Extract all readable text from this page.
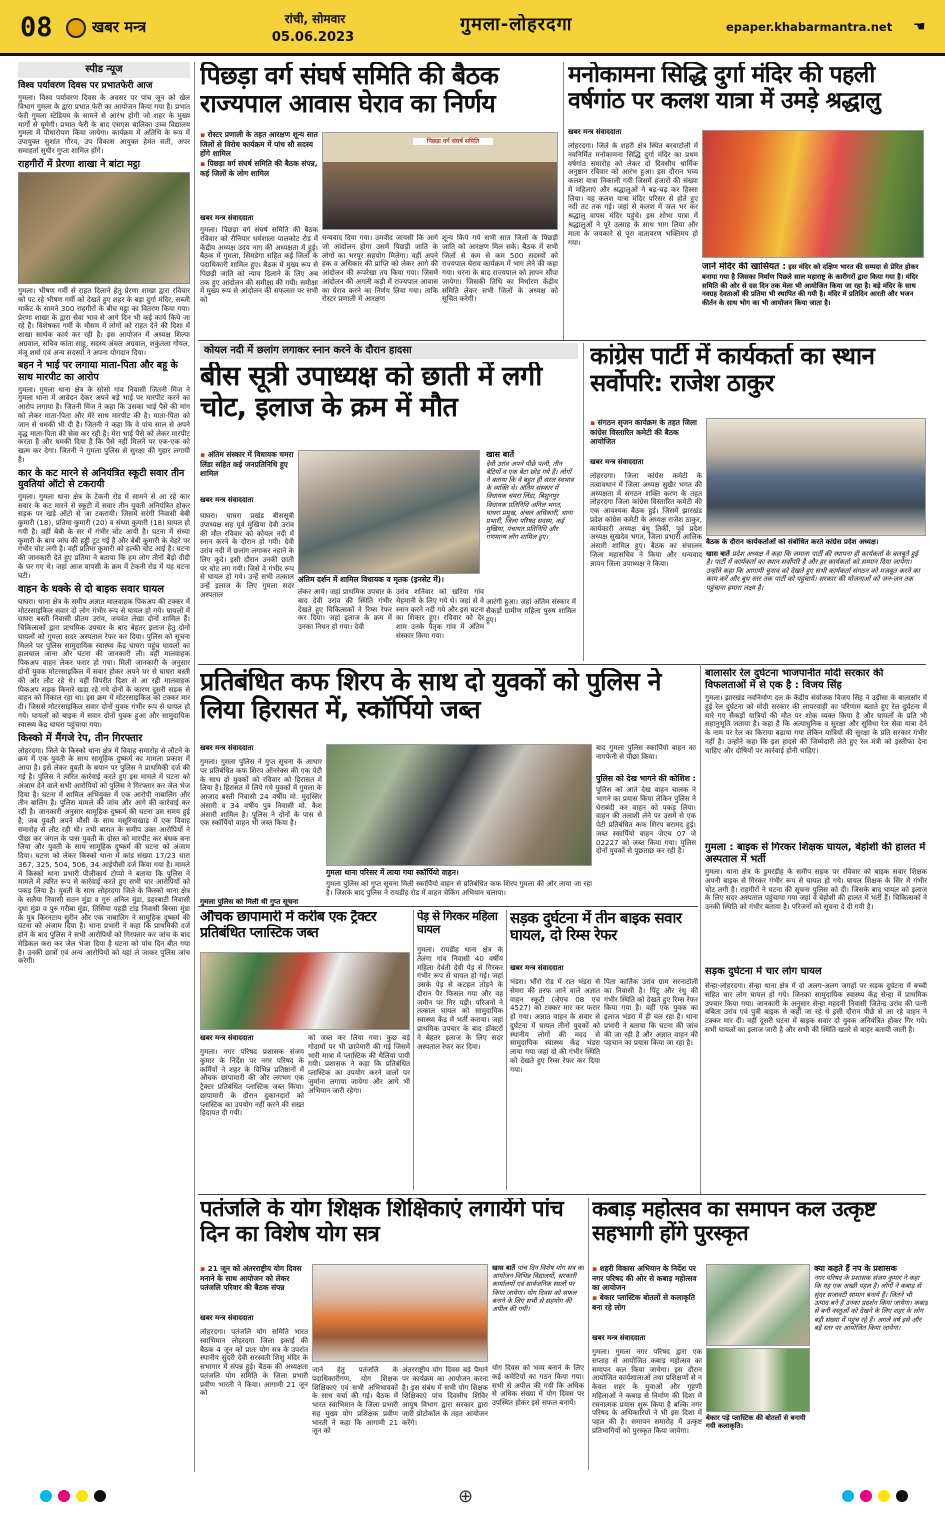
08	खबर मन्त्र	रांची, सोमवार
05.06.2023
गुमला-लोहरदगा	epaper.khabarmantra.net ☚
स्पीड न्यूज
विश्व पर्यावरण दिवस पर प्रभातफेरी आज
गुमला। विश्व पर्यावरण दिवस के अवसर पर पांच जून को खेल विभाग गुमला के द्वारा प्रभात फेरी का आयोजन किया गया है। प्रभात फेरी गुमला स्टेडियम के सामने से आरंभ होगी जो शहर के मुख्य मार्गों से घूमेगी। प्रभात फेरी के बाद एसएस बालिका उच्च विद्यालय गुमला में पौधारोपण किया जायेगा। कार्यक्रम में अतिथि के रूप में उपायुक्त सुशांत गौरव, उप विकास आयुक्त हेमंत सती, अपर समाहर्ता सुधीर गुप्ता शामिल होंगे।
राहगीरों में प्रेरणा शाखा ने बांटा मट्ठा
गुमला। भीषण गर्मी से राहत दिलाने हेतु प्रेरणा शाखा द्वारा रविवार को पट रहे भीषण गर्मी को देखते हुए शहर के बड़ा दुर्गा मंदिर, सब्जी मार्केट के सामने 300 राहगीरों के बीच मट्ठा का वितरण किया गया। प्रेरणा शाखा के द्वारा सेवा भाव से आगे दिन भी कई कार्य किये जा रहे हैं। विशेषकर गर्मी के मौसम में लोगों को राहत देने की दिशा में शाखा सार्थक कार्य कर रही है। इस आयोजन में अध्यक्ष शिल्पा अग्रवाल, सचिव कांता साहू, सदस्य अंचल अग्रवाल, शकुंतला गोयल, मंजू शर्मा एवं अन्य सदस्यों ने अपना योगदान दिया।
बहन ने भाई पर लगाया माता-पिता और बहू के साथ मारपीट का आरोप
गुमला। गुमला थाना क्षेत्र के सोसो गांव निवासी जितनी मिंज ने गुमला थाना में आवेदन देकर अपने बड़े भाई पर मारपीट करने का आरोप लगाया है। जितनी मिंज ने कहा कि उसका भाई पैसे की मांग को लेकर माता-पिता और मेरे साथ मारपीट की है। माता-पिता को जान से धमकी भी दी है। जितनी ने कहा कि वे पांच साल से अपने वृद्ध माता-पिता की सेवा कर रही है। मेरा भाई पैसे को लेकर मारपीट करता है और धमकी दिया है कि पैसे नहीं मिलने पर एक-एक को खत्म कर देगा। जितनी ने गुमला पुलिस से सुरक्षा की गुहार लगायी है।
कार के कट मारने से अनियंत्रित स्कूटी सवार तीन युवतियां ऑटो से टकरायी
गुमला। गुमला थाना क्षेत्र के टेकनी रोड में सामने से आ रहे कार सवार के कट मारने से स्कूटी में सवार तीन युवती अनियंत्रित होकर सड़क पर खड़े ऑटो से जा टकरायी। जिसमें सरंगी निवासी बेबी कुमारी (18), प्रतिमा कुमारी (20) व संध्या कुमारी (18) घायल हो गयी है। वहीं बेबी के सर में गंभीर चोट आयी है। घटना में संध्या कुमारी के बाय जांघ की हड्डी टूट गई है और बेबी कुमारी के चेहरे पर गंभीर चोट लगी है। वहीं प्रतिमा कुमारी को हल्की चोट आई है। घटना की जानकारी देते हुए प्रतिमा ने बताया कि हम लोग तीनों बैड़ो दीदी के घर गए थे। जहां आज वापसी के क्रम में टेकनी रोड में यह घटना घटी।
वाहन के धक्के से दो बाइक सवार घायल
घाघरा। थाना क्षेत्र के समीप अज्ञात मालवाहक पिकअप की टक्कर में मोटरसाइकिल सवार दो लोग गंभीर रूप से घायल हो गये। घायलों में घाघरा बस्ती निवासी प्रीतम उरांव, जयवंत लेखा दोनों शामिल हैं। चिकित्सकों द्वारा प्राथमिक उपचार के बाद बेहतर इलाज हेतु दोनों घायलों को गुमला सदर अस्पताल रेफर कर दिया। पुलिस को सूचना मिलने पर पुलिस सामुदायिक स्वास्थ्य केंद्र घाघरा पहुंच घायलों का हालचाल जाना और घटना की जानकारी ली। वहीं मालवाहक पिकअप वाहन लेकर फरार हो गया। मिली जानकारी के अनुसार दोनों युवक मोटरसाइकिल में सवार होकर अपने घर से घाघरा बस्ती की ओर लौट रहे थे। वहीं विपरीत दिशा से आ रही मालवाहक पिकअप सड़क किनारे खड़ा रहे गये दोनों के कारण दूसरी सड़क से वाहन को निकाल रहा था। इस क्रम में मोटरसाइकिल को टक्कर मार दी। जिससे मोटरसाइकिल सवार दोनों युवक गंभीर रूप से घायल हो गये। घायलों को बाइक में सवार दोनों युवक हुआ और सामुदायिक स्वास्थ्य केंद्र घाघरा पहुंचाया गया।
किस्को में मैंगजे रेप, तीन गिरफ्तार
लोहरदगा। जिले के किस्को थाना क्षेत्र में विवाह समारोह से लौटने के क्रम में एक युवती के साथ सामूहिक दुष्कर्म का मामला प्रकाश में आया है। इसे लेकर युवती के बयान पर पुलिस ने प्राथमिकी दर्ज की गई है। पुलिस ने त्वरित कार्रवाई करते हुए इस मामले में घटना को अंजाम देने वाले सभी आरोपियों को पुलिस ने गिरफ्तार कर जेल भेज दिया है। घटना में शामिल अभियुक्त में एक आरोपी नाबालिग और तीन बालिग है। पुलिस मामले की जांच और आगे की कार्रवाई कर रही है। जानकारी अनुसार सामूहिक दुष्कर्म की घटना उस समय हुई है, जब युवती अपने मौसी के साथ मसूरियाखाड़ में एक विवाह समारोह से लौट रही थी। तभी बारात के समीप उक्त आरोपियों ने पीछा कर जंगल के पास युवती के दोस्त को मारपीट कर बंधक बना लिया और युवती के साथ सामूहिक दुष्कर्म की घटना को अंजाम दिया। घटना को लेकर किस्को थाना में कांड संख्या 17/23 धारा 367, 325, 504, 506, 34 आईपीसी दर्ज किया गया है। मामले में किस्को थाना प्रभारी पीलीकार्य टोप्पो ने बताया कि पुलिस ने मामले में त्वरित रूप से कार्रवाई करते हुए सभी चार आरोपियों को पकड़ लिया है। युवती के साथ लोहरदगा जिले के किस्को थाना क्षेत्र के सलैया निवासी सतन मुंडा व गुरु अनिल मुंडा, डहरबाटी निवासी दुधा मुंडा व पुरु गरीबा मुंडा, तिसिया पहड़ी टांड़ निवासी बिरसा मुंडा के पुत्र किरनटाय सुरीन और एक नाबालिग ने सामूहिक दुष्कर्म की घटना को अंजाम दिया है। थाना प्रभारी ने कहा कि प्राथमिकी दर्ज होने के बाद पुलिस ने सभी आरोपियों को गिरफ्तार कर जांच के बाद मेडिकल करा कर जेल भेजा दिया है घटना को पांच दिन बीत गया है। उनकी छात्रों एवं अन्य आरोपियों को यहां ले जाकर पुलिस जांच करेगी।
पिछड़ा वर्ग संघर्ष समिति की बैठक राज्यपाल आवास घेराव का निर्णय
▪ रोस्टर प्रणाली के तहत आरक्षण शून्य सात जिलों से विरोध कार्यक्रम में पांच सौ सदस्य होंगे शामिल
▪ पिछड़ा वर्ग संघर्ष समिति की बैठक संपन्न, कई जिलों के लोग शामिल
पिछड़ा वर्ग संघर्ष समिति
खबर मन्त्र संवाददाता
गुमला। पिछड़ा वर्ग संघर्ष समिति की बैठक रविवार को रौनियार धर्मशाला पालकोट रोड में केंद्रीय अध्यक्ष उदय नाग की अध्यक्षता में हुई। बैठक में गुमला, सिमडेगा सहित कई जिलों के पदाधिकारी शामिल हुए। बैठक में मुख्य रूप से पिछड़ी जाति को न्याय दिलाने के लिए अब तक हुए आंदोलन की समीक्षा की गयी। समीक्षा में मुख्य रूप से आंदोलन की सफलता पर सभी को
धन्यवाद दिया गया। उमवीद जायसी कि आगे जो आंदोलन होगा उसमें पिछड़ी जाति के लोगों का भरपूर सहयोग मिलेगा। वहीं अपने हक व अधिकार की प्राप्ति को लेकर आगे की आंदोलन की रूपरेखा तय किया गया। जिसमें आंदोलन की अगली कड़ी में राज्यपाल आवास का घेराव करने का निर्णय लिया गया। ताकि रोस्टर प्रणाली में आरक्षण
शून्य किये गये सभी सात जिलों के पिछड़ी जाति को आरक्षण मिल सके। बैठक में सभी जिलों से कम से कम 500 सदस्यों को राज्यपाल घेराव कार्यक्रम में भाग लेने की कहा गया। धरना के बाद राज्यपाल को ज्ञापन सौंपा जायेगा। जिसकी तिथि का निर्धारण केंद्रीय समिति लेकर सभी जिलों के अध्यक्ष को सूचित करेगी।
मनोकामना सिद्धि दुर्गा मंदिर की पहली वर्षगांठ पर कलश यात्रा में उमड़े श्रद्धालु
खबर मन्त्र संवाददाता
लोहरदगा। जिले के शहरी क्षेत्र स्थित बरवाटोली में नवनिर्मित मनोकामना सिद्धि दुर्गा मंदिर का प्रथम वर्षगांठ समारोह को लेकर दो दिवसीय धार्मिक अनुष्ठान रविवार को आरंभ हुआ। इस दौरान भव्य कलश यात्रा निकाली गयी जिसमें हजारों की संख्या में महिलाएं और श्रद्धालुओं ने बढ़-चढ़ कर हिस्सा लिया। यह कलश यात्रा मंदिर परिसर से होते हुए नदी तट तक गई। जहां से कलश में जल भर कर श्रद्धालु वापस मंदिर पहुंचे। इस शोभा यात्रा में श्रद्धालुओं ने पूरे उत्साह के साथ भाग लिया और माता के जयकारे से पूरा वातावरण भक्तिमय हो गया।
जानें मंदिर की खासियत : इस मंदिर को दक्षिण भारत की सम्पदा से प्रेरित होकर बनाया गया है जिसका निर्माण पिछले साल महाराष्ट्र के कारीगरों द्वारा किया गया है। मंदिर समिति की ओर से दस दिन तक मेला भी आयोजित किया जा रहा है। बड़े मंदिर के साथ नवग्रह देवताओं की प्रतिमा भी स्थापित की गयी है। मंदिर में प्रतिदिन आरती और भजन कीर्तन के साथ भोग का भी आयोजन किया जाता है।
कोयल नदी में छलांग लगाकर स्नान करने के दौरान हादसा
बीस सूत्री उपाध्यक्ष को छाती में लगी चोट, इलाज के क्रम में मौत
▪ अंतिम संस्कार में विधायक चमरा लिंडा सहित कई जनप्रतिनिधि हुए शामिल
अंतिम दर्शन में शामिल विधायक व मृतक (इनसेट में)।
खबर मन्त्र संवाददाता
घाघरा। घाघरा प्रखंड बीससूत्री उपाध्यक्ष सह पूर्व मुखिया देवी उरांव की मौत रविवार को कोयल नदी में स्नान करने के दौरान हो गयी। देवी उरांव नदी में छलांग लगाकर नहाने के लिए कूदे। इसी दौरान उनकी छाती पर चोट लग गयी। जिसे वे गंभीर रूप से घायल हो गये। उन्हें सभी तत्काल उन्हें इलाज के लिए गुमला सदर अस्पताल	लेकर आये। जहां प्राथमिक उपचार के बाद देवी उरांव की स्थिति गंभीर देखते हुए चिकित्सकों ने रिम्स रेफर कर दिया। जहां इलाज के क्रम में उनका निधन हो गया। देवी
उरांव शनिवार को खरिया गांव मेहमानी के लिए गये थे। जहां से वे स्नान करने नदी गये और इस घटना का शिकार हुए। रविवार को देर शाम उनके पैतृक गांव में अंतिम संस्कार किया गया।
खास बातें
देवी उरांव अपने पीछे पत्नी, तीन बेटियों व एक बेटा छोड़ गये हैं। लोगों ने बताया कि वे बहुत ही सरल स्वभाव के व्यक्ति थे। अंतिम संस्कार में विधायक चमरा लिंडा, बिशुनपुर विधायक प्रतिनिधि अनिल भगत, घाघरा प्रमुख, अंचल अधिकारी, थाना प्रभारी, जिला परिषद सदस्य, कई मुखिया, पंचायत प्रतिनिधि और गणमान्य लोग शामिल हुए।
आरंगी हुआ। जहां अंतिम संस्कार में सैकड़ों ग्रामीण महिला पुरुष शामिल हुए।
कांग्रेस पार्टी में कार्यकर्ता का स्थान सर्वोपरि: राजेश ठाकुर
▪ संगठन सृजन कार्यक्रम के तहत जिला कांग्रेस विस्तारित कमेटी की बैठक आयोजित
खबर मन्त्र संवाददाता
लोहरदगा। जिला कांग्रेस कमेटी के तत्वावधान में जिला अध्यक्ष सुखैर भगत की अध्यक्षता में संगठन शक्ति करण के तहत लोहरदगा जिला कांग्रेस विस्तारित कमेटी की एक आवश्यक बैठक हुई। जिसमें झारखंड प्रदेश कांग्रेस कमेटी के अध्यक्ष राजेश ठाकुर, कार्यकारी अध्यक्ष बंधु तिर्की, पूर्व प्रदेश अध्यक्ष सुखदेव भगत, जिला प्रभारी आलिक अंसारी शामिल हुए। बैठक का संचालन जिला महासचिव ने किया और धन्यवाद ज्ञापन जिला उपाध्यक्ष ने किया।
बैठक के दौरान कार्यकर्ताओं को संबोधित करते कांग्रेस प्रदेश अध्यक्ष।
खास बातें प्रदेश अध्यक्ष ने कहा कि जमाना पार्टी की स्थापना ही कार्यकर्ता के बलबूते हुई है। पार्टी में कार्यकर्ता का स्थान सर्वोपरि है और हर कार्यकर्ता को सम्मान दिया जायेगा। उन्होंने कहा कि आगामी चुनाव को देखते हुए सभी कार्यकर्ता संगठन को मजबूत करने का काम करें और बूथ स्तर तक पार्टी को पहुंचायें। सरकार की योजनाओं को जन-जन तक पहुंचाना हमारा लक्ष्य है।
प्रतिबंधित कफ शिरप के साथ दो युवकों को पुलिस ने लिया हिरासत में, स्कॉर्पियो जब्त
खबर मन्त्र संवाददाता
गुमला। गुमला पुलिस ने गुप्त सूचना के आधार पर प्रतिबंधित कफ शिरप ऑनरेक्स की एक पेटी के साथ दो युवकों को रविवार को हिरासत में लिया है। हिरासत में लिये गये युवकों में गुमला के आजाद बस्ती निवासी 24 वर्षीय मो. मुदस्सिर अंसारी व 34 वर्षीय पुत्र निवासी मो. कैश अंसारी शामिल है। पुलिस ने दोनों के पास से एक स्कॉर्पियो वाहन भी जब्त किया है।
गुमला थाना परिसर में लाया गया स्कॉर्पियो वाहन।
गुमला पुलिस को मिली थी गुप्त सूचना
गुमला पुलिस को गुप्त सूचना मिली स्कार्पियो वाहन से प्रतिबंधित कफ शिरप गुमला की ओर लाया जा रहा है। जिसके बाद पुलिस ने रायडीह रोड में वाहन चेकिंग अभियान चलाया।
बाद गुमला पुलिस स्कार्पियो वाहन का नागफेनी से पीछा किया।
पुलिस को देख भागने की कोशिश :
पुलिस को आते देख वाहन चालक ने भागने का प्रयास किया लेकिन पुलिस ने घेराबंदी कर वाहन को पकड़ लिया। वाहन की तलाशी लेने पर उसमें से एक पेटी प्रतिबंधित कफ शिरप बरामद हुई। जब्त स्कार्पियो वाहन जेएच 07 जे 02227 को जब्त किया गया। पुलिस दोनों युवकों से पूछताछ कर रही है।
बालासोर रेल दुर्घटना भाजपानीत मोदी सरकार की विफलताओं में से एक है : विजय सिंह
गुमला। झारखंड नवनिर्माण दल के केंद्रीय संयोजक विजय सिंह ने उड़ीसा के बालासोर में हुई रेल दुर्घटना को मोदी सरकार की लापरवाही का परिणाम बताते हुए रेल दुर्घटना में मारे गए सैकड़ों यात्रियों की मौत पर शोक व्यक्त किया है और घायलों के प्रति भी सहानुभूति जताया है। कहा है कि अत्याधुनिक व सुरक्षा और सुविधा रेल सेवा यात्रा देने के नाम पर रेल का किराया बढ़ाया गया लेकिन यात्रियों की सुरक्षा के प्रति सरकार गंभीर नहीं है। उन्होंने कहा कि इस हादसे की जिम्मेदारी लेते हुए रेल मंत्री को इस्तीफा देना चाहिए और दोषियों पर कार्रवाई होनी चाहिए।
गुमला : बाइक से गिरकर शिक्षक घायल, बेहोशी की हालत में अस्पताल में भर्ती
गुमला। थाना क्षेत्र के डुमरडीह के समीप सड़क पर रविवार को बाइक सवार शिक्षक अपनी बाइक से गिरकर गंभीर रूप से घायल हो गये। घायल शिक्षक के सिर में गंभीर चोट लगी है। राहगीरों ने घटना की सूचना पुलिस को दी। जिसके बाद घायल को इलाज के लिए सदर अस्पताल पहुंचाया गया जहां वे बेहोशी की हालत में भर्ती हैं। चिकित्सकों ने उनकी स्थिति को गंभीर बताया है। परिजनों को सूचना दे दी गयी है।
सड़क दुर्घटना में चार लोग घायल
सेन्हा-लोहरदगा। सेन्हा थाना क्षेत्र में दो अलग-अलग जगहों पर सड़क दुर्घटना में बच्ची सहित चार लोग घायल हो गये। जिनका सामुदायिक स्वास्थ्य केंद्र सेन्हा में प्राथमिक उपचार किया गया। जानकारी के अनुसार सेन्हा महदनी निवासी जितेन्द्र उरांव की पत्नी बबिता उरांव एवं पुत्री बाइक से कहीं जा रहे थे इसी दौरान पीछे से आ रहे वाहन ने टक्कर मार दी। वहीं दूसरी घटना में बाइक सवार दो युवक अनियंत्रित होकर गिर गये। सभी घायलों का इलाज जारी है और सभी की स्थिति खतरे से बाहर बतायी जाती है।
औचक छापामारी में करीब एक ट्रैक्टर प्रतिबंधित प्लास्टिक जब्त
खबर मन्त्र संवाददाता
गुमला। नगर परिषद प्रशासक संजय कुमार के निर्देश पर नगर परिषद के कर्मियों ने शहर के विभिन्न प्रतिष्ठानों में औचक छापामारी की और लगभग एक ट्रैक्टर प्रतिबंधित प्लास्टिक जब्त किया। छापामारी के दौरान दुकानदारों को प्लास्टिक का उपयोग नहीं करने की सख्त हिदायत दी गयी।
को जब्त कर लिया गया। कुछ बड़े गोदामों पर भी छापेमारी की गई जिसमें भारी मात्रा में प्लास्टिक की थैलियां पायी गयी। प्रशासक ने कहा कि प्रतिबंधित प्लास्टिक का उपयोग करने वालों पर जुर्माना लगाया जायेगा और आगे भी अभियान जारी रहेगा।
पेड़ से गिरकर महिला घायल
गुमला। रायडीह थाना क्षेत्र के तेलंगा गांव निवासी 40 वर्षीय महिला देवंती देवी पेड़ से गिरकर गंभीर रूप से घायल हो गई। जहां उसके पेड़ से कटहल तोड़ने के दौरान पैर फिसल गया और वह जमीन पर गिर पड़ी। परिजनों ने तत्काल घायल को सामुदायिक स्वास्थ्य केंद्र में भर्ती कराया। जहां प्राथमिक उपचार के बाद डॉक्टरों ने बेहतर इलाज के लिए सदर अस्पताल रेफर कर दिया।
सड़क दुर्घटना में तीन बाइक सवार घायल, दो रिम्स रेफर
खबर मन्त्र संवाददाता
भंडरा। भौंरो रोड में रात भंडरा से सेमरा की तरफ जाने वाले अज्ञात वाहन स्कूटी (जेएच 08 एच 4527) को टक्कर मार कर फरार हो गया। अज्ञात वाहन के सवार से दुर्घटना में घायल तीनों युवकों को स्थानीय लोगों की मदद से सामुदायिक स्वास्थ्य केंद्र भंडरा लाया गया जहां दो की गंभीर स्थिति को देखते हुए रिम्स रेफर कर दिया गया।
पिता कार्तिक उरांव ग्राम सरनाटोली का निवासी है। पिंटू और रंधु की गंभीर स्थिति को देखते हुए रिम्स रेफर किया गया है। वहीं एक युवक का इलाज भंडरा में ही चल रहा है। थाना प्रभारी ने बताया कि घटना की जांच की जा रही है और अज्ञात वाहन की पहचान का प्रयास किया जा रहा है।
पतंजलि के योग शिक्षक शिक्षिकाएं लगायेंगे पांच दिन का विशेष योग सत्र
▪ 21 जून को अंतरराष्ट्रीय योग दिवस मनाने के साथ आयोजन को लेकर पतंजलि परिवार की बैठक संपन्न
खबर मन्त्र संवाददाता
लोहरदगा। पतंजलि योग समिति भारत स्वाभिमान लोहरदगा जिला इकाई की बैठक 4 जून को प्रातः योग सत्र के उपरांत स्थानीय सुंदरी देवी सरस्वती शिशु मंदिर के सभागार में संपन्न हुई। बैठक की अध्यक्षता पतंजलि योग समिति के जिला प्रभारी प्रवीण भारती ने किया। आगामी 21 जून को
जाने हेतु पतंजलि के पदाधिकारीगण, योग शिक्षक शिक्षिकाएं एवं सभी अभिभावकों के साथ चर्चा की गई। बैठक में भारत स्वाभिमान के जिला प्रभारी सह मुख्य योग प्रशिक्षक प्रवीण भारती ने कहा कि आगामी 21 जून को
अंतरराष्ट्रीय योग दिवस बड़े पैमाने पर कार्यक्रम का आयोजन करना है। इस संबंध में सभी योग शिक्षक शिक्षिकाएं पांच दिवसीय शिविर आयुष विभाग द्वारा सरकार द्वारा जारी प्रोटोकॉल के तहत आयोजन करेंगे।
खास बातें पांच दिन विशेष योग सत्र का आयोजन विभिन्न विद्यालयों, सरकारी कार्यालयों एवं सार्वजनिक स्थलों पर किया जायेगा। योग दिवस को सफल बनाने के लिए सभी से सहयोग की अपील की गयी।
योग दिवस को भव्य बनाने के लिए कई कमेटियों का गठन किया गया। सभी से अपील की गयी कि अधिक से अधिक संख्या में योग दिवस पर उपस्थित होकर इसे सफल बनायें।
कबाड़ महोत्सव का समापन कल उत्कृष्ट सहभागी होंगे पुरस्कृत
▪ शहरी विकास अभियान के निर्देश पर नगर परिषद की ओर से कबाड़ महोत्सव का आयोजन
▪ बेकार प्लास्टिक बोतलों से कलाकृति बना रहे लोग
खबर मन्त्र संवाददाता
गुमला। गुमला नगर परिषद द्वारा एक सप्ताह से आयोजित कबाड़ महोत्सव का समापन कल किया जायेगा। इस दौरान आयोजित कार्यशालाओं तथा प्रशिक्षणों से न केवल शहर के युवाओं और गृहणी महिलाओं ने कबाड़ से निर्माण की दिशा में रचनात्मक प्रयास शुरू किया है बल्कि नगर परिषद के अधिकारियों ने भी इस दिशा में पहल की है। समापन समारोह में उत्कृष्ट प्रतिभागियों को पुरस्कृत किया जायेगा।
बेकार पड़े प्लास्टिक की बोतलों से बनायी गयी कलाकृति।
क्या कहते हैं नप के प्रशासक
नगर परिषद के प्रशासक संजय कुमार ने कहा कि यह एक अच्छी पहल है। लोगों ने कबाड़ से सुंदर सजावटी सामान बनाये हैं। जितने भी उत्पाद बने हैं उनका प्रदर्शन किया जायेगा। कबाड़ से बनी वस्तुओं को देखने के लिए शहर के लोग बड़ी संख्या में पहुंच रहे हैं। अगले वर्ष इसे और बड़े स्तर पर आयोजित किया जायेगा।
⊕
